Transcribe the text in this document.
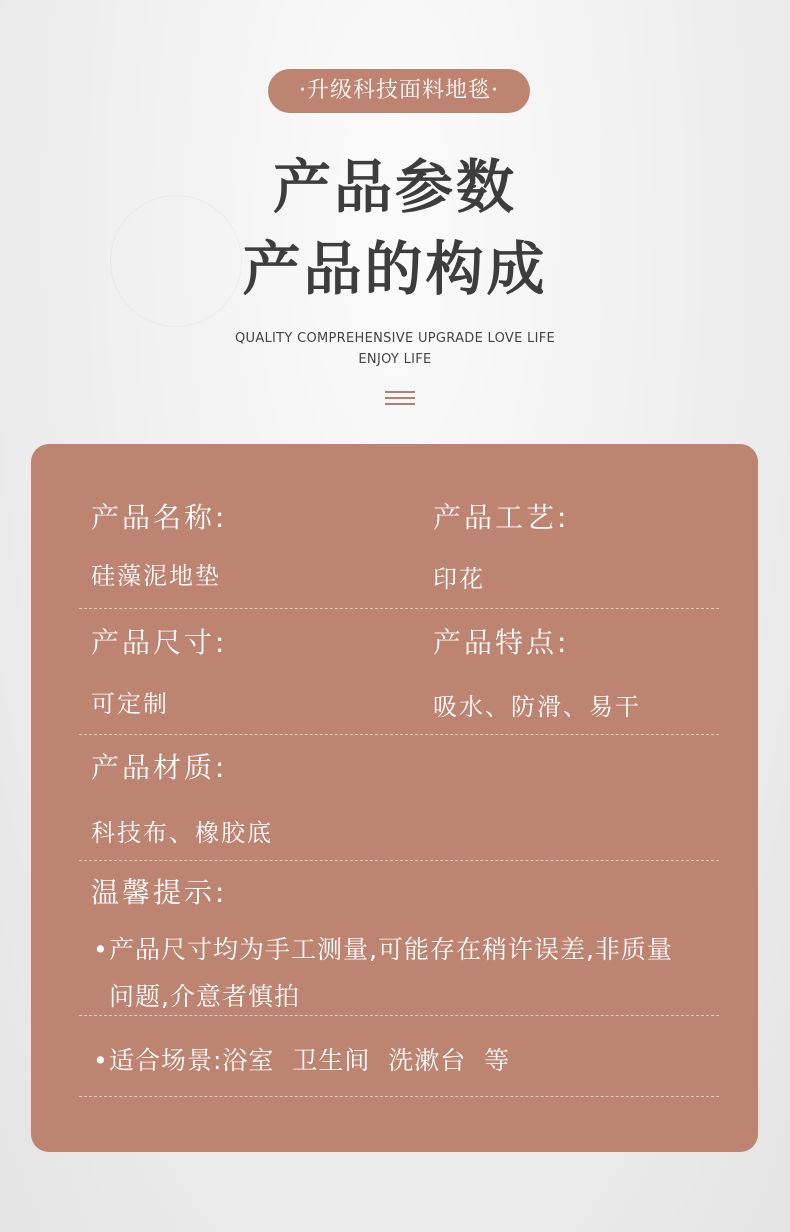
·升级科技面料地毯·
产品参数
产品的构成
QUALITY COMPREHENSIVE UPGRADE LOVE LIFE
ENJOY LIFE
产品名称:
硅藻泥地垫
产品工艺:
印花
产品尺寸:
可定制
产品特点:
吸水、防滑、易干
产品材质:
科技布、橡胶底
温馨提示:
• 产品尺寸均为手工测量,可能存在稍许误差,非质量
问题,介意者慎拍
• 适合场景:浴室  卫生间  洗漱台  等
